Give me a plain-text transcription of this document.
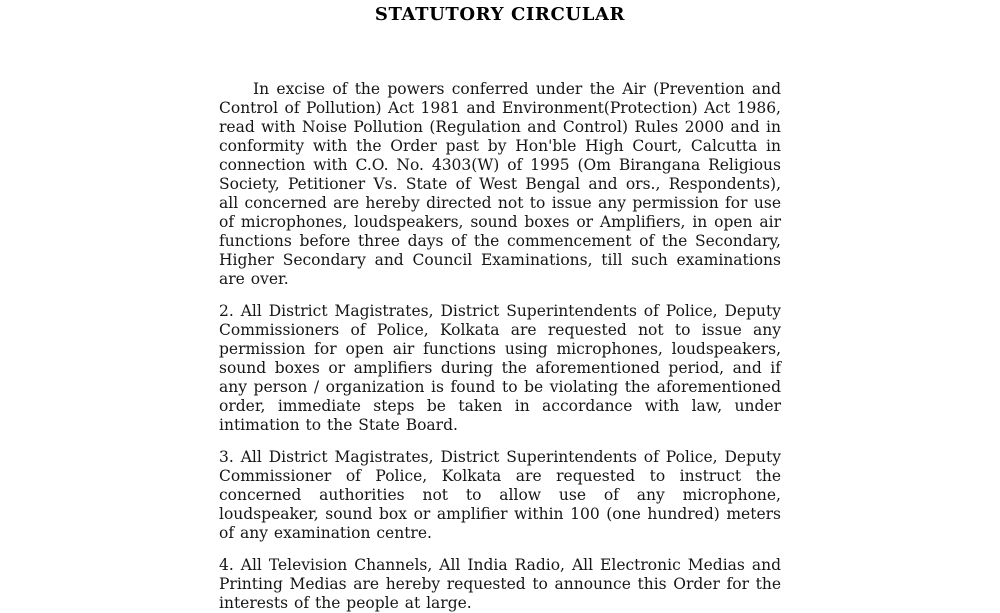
STATUTORY CIRCULAR

In excise of the powers conferred under the Air (Prevention and Control of Pollution) Act 1981 and Environment(Protection) Act 1986, read with Noise Pollution (Regulation and Control) Rules 2000 and in conformity with the Order past by Hon'ble High Court, Calcutta in connection with C.O. No. 4303(W) of 1995 (Om Birangana Religious Society, Petitioner Vs. State of West Bengal and ors., Respondents), all concerned are hereby directed not to issue any permission for use of microphones, loudspeakers, sound boxes or Amplifiers, in open air functions before three days of the commencement of the Secondary, Higher Secondary and Council Examinations, till such examinations are over.

2. All District Magistrates, District Superintendents of Police, Deputy Commissioners of Police, Kolkata are requested not to issue any permission for open air functions using microphones, loudspeakers, sound boxes or amplifiers during the aforementioned period, and if any person / organization is found to be violating the aforementioned order, immediate steps be taken in accordance with law, under intimation to the State Board.

3. All District Magistrates, District Superintendents of Police, Deputy Commissioner of Police, Kolkata are requested to instruct the concerned authorities not to allow use of any microphone, loudspeaker, sound box or amplifier within 100 (one hundred) meters of any examination centre.

4. All Television Channels, All India Radio, All Electronic Medias and Printing Medias are hereby requested to announce this Order for the interests of the people at large.
